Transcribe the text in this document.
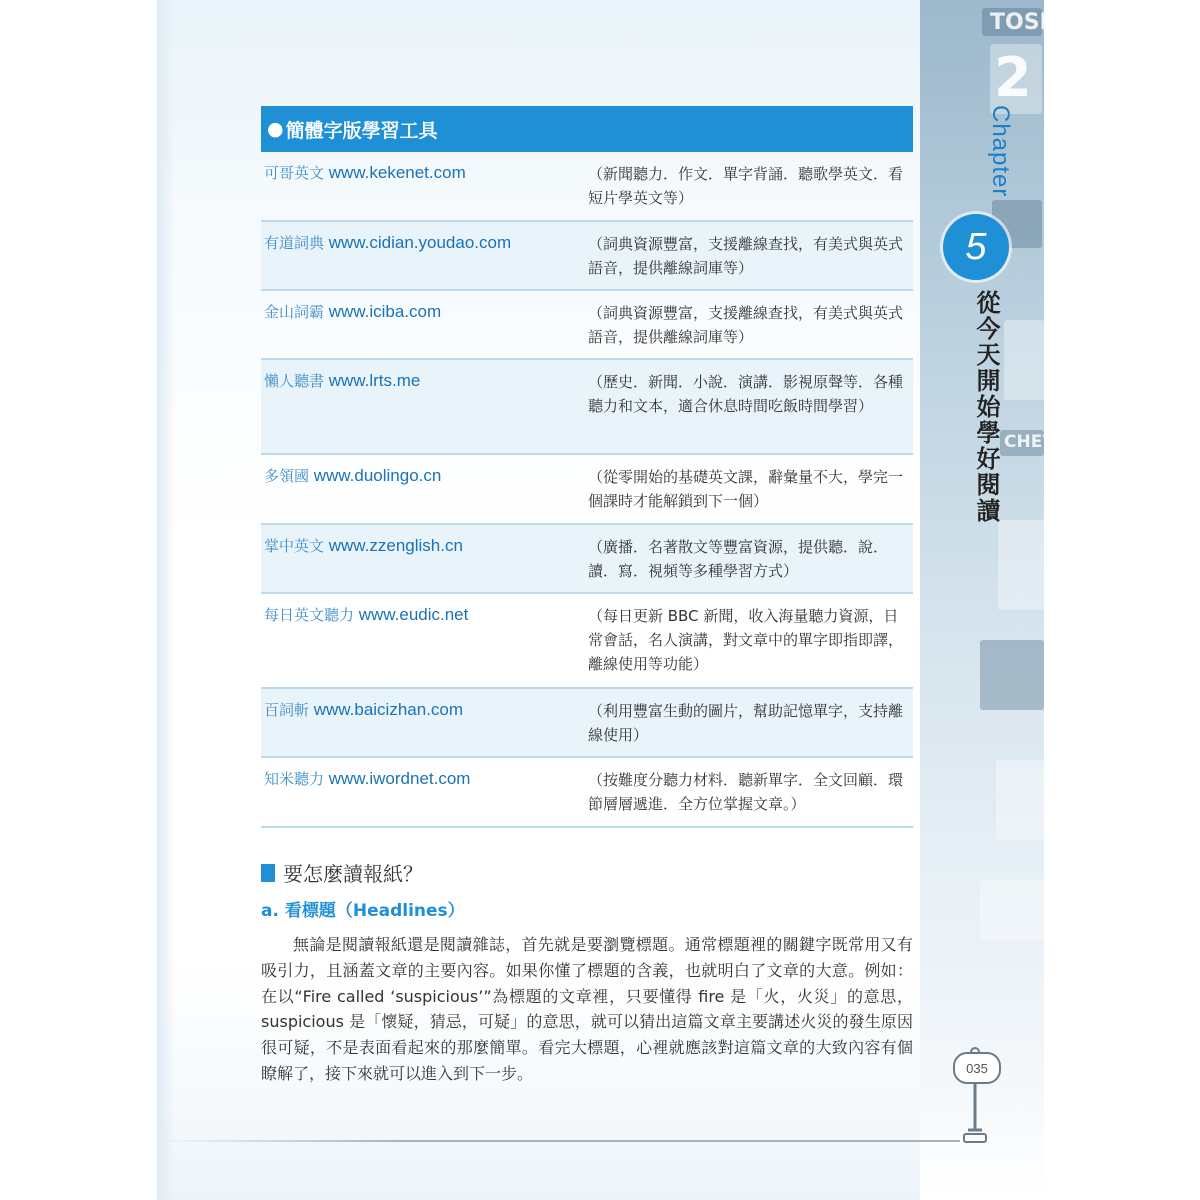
TOSI
2
CHEV
Chapter
5
從今天開始學好閱讀
035
● 簡體字版學習工具
可哥英文 www.kekenet.com	（新聞聽力．作文．單字背誦．聽歌學英文．看短片學英文等）
有道詞典 www.cidian.youdao.com	（詞典資源豐富，支援離線查找，有美式與英式語音，提供離線詞庫等）
金山詞霸 www.iciba.com	（詞典資源豐富，支援離線查找，有美式與英式語音，提供離線詞庫等）
懶人聽書 www.lrts.me	（歷史．新聞．小說．演講．影視原聲等．各種聽力和文本，適合休息時間吃飯時間學習）
多領國 www.duolingo.cn	（從零開始的基礎英文課，辭彙量不大，學完一個課時才能解鎖到下一個）
掌中英文 www.zzenglish.cn	（廣播．名著散文等豐富資源，提供聽．說．讀．寫．視頻等多種學習方式）
每日英文聽力 www.eudic.net	（每日更新 BBC 新聞，收入海量聽力資源，日常會話，名人演講，對文章中的單字即指即譯，離線使用等功能）
百詞斬 www.baicizhan.com	（利用豐富生動的圖片，幫助記憶單字，支持離線使用）
知米聽力 www.iwordnet.com	（按難度分聽力材料．聽新單字．全文回顧．環節層層遞進．全方位掌握文章。）
要怎麼讀報紙？
a. 看標題（Headlines）

無論是閱讀報紙還是閱讀雜誌，首先就是要瀏覽標題。通常標題裡的關鍵字既常用又有吸引力，且涵蓋文章的主要內容。如果你懂了標題的含義，也就明白了文章的大意。例如：在以“Fire called ‘suspicious’”為標題的文章裡，只要懂得 fire 是「火，火災」的意思，suspicious 是「懷疑，猜忌，可疑」的意思，就可以猜出這篇文章主要講述火災的發生原因很可疑，不是表面看起來的那麼簡單。看完大標題，心裡就應該對這篇文章的大致內容有個瞭解了，接下來就可以進入到下一步。
